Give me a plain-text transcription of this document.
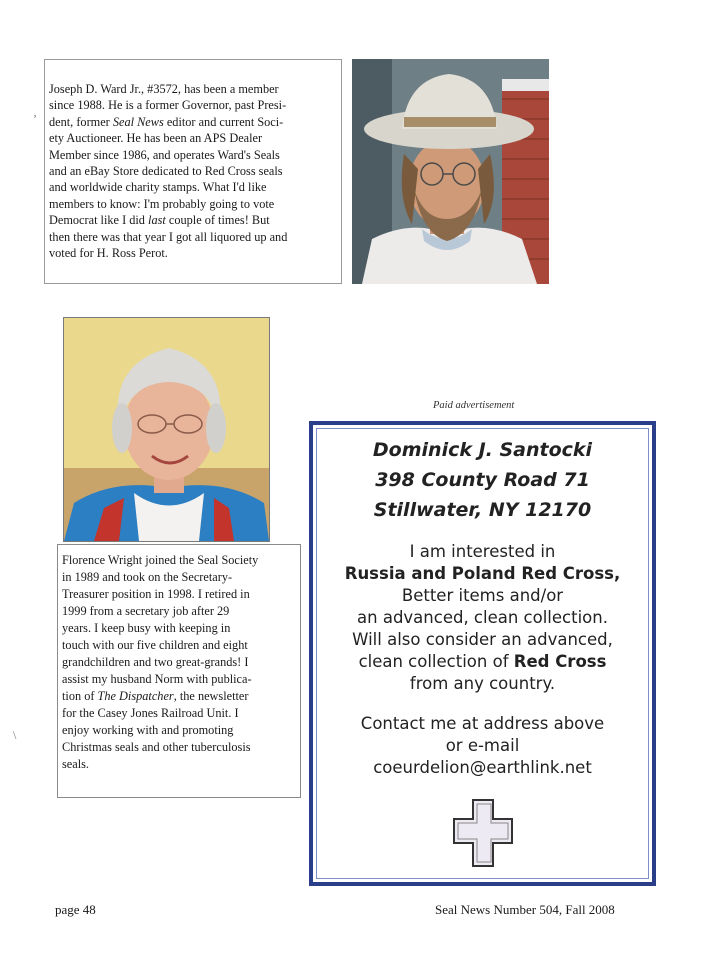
Joseph D. Ward Jr., #3572, has been a member
since 1988. He is a former Governor, past Presi-
dent, former Seal News editor and current Soci-
ety Auctioneer. He has been an APS Dealer
Member since 1986, and operates Ward's Seals
and an eBay Store dedicated to Red Cross seals
and worldwide charity stamps. What I'd like
members to know: I'm probably going to vote
Democrat like I did last couple of times! But
then there was that year I got all liquored up and
voted for H. Ross Perot.
Florence Wright joined the Seal Society
in 1989 and took on the Secretary-
Treasurer position in 1998. I retired in
1999 from a secretary job after 29
years. I keep busy with keeping in
touch with our five children and eight
grandchildren and two great-grands! I
assist my husband Norm with publica-
tion of The Dispatcher, the newsletter
for the Casey Jones Railroad Unit. I
enjoy working with and promoting
Christmas seals and other tuberculosis
seals.
Paid advertisement
Dominick J. Santocki
398 County Road 71
Stillwater, NY 12170
I am interested in
Russia and Poland Red Cross,
Better items and/or
an advanced, clean collection.
Will also consider an advanced,
clean collection of Red Cross
from any country.
Contact me at address above
or e-mail
coeurdelion@earthlink.net
ʼ
\
page 48	Seal News Number 504, Fall 2008
